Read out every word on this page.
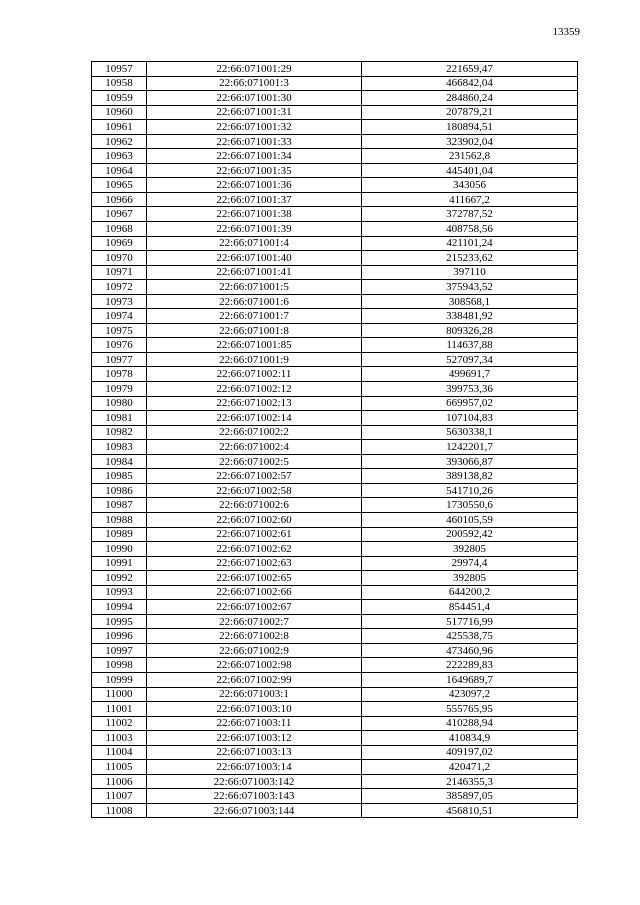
13359
10957	22:66:071001:29	221659,47
10958	22:66:071001:3	466842,04
10959	22:66:071001:30	284860,24
10960	22:66:071001:31	207879,21
10961	22:66:071001:32	180894,51
10962	22:66:071001:33	323902,04
10963	22:66:071001:34	231562,8
10964	22:66:071001:35	445401,04
10965	22:66:071001:36	343056
10966	22:66:071001:37	411667,2
10967	22:66:071001:38	372787,52
10968	22:66:071001:39	408758,56
10969	22:66:071001:4	421101,24
10970	22:66:071001:40	215233,62
10971	22:66:071001:41	397110
10972	22:66:071001:5	375943,52
10973	22:66:071001:6	308568,1
10974	22:66:071001:7	338481,92
10975	22:66:071001:8	809326,28
10976	22:66:071001:85	114637,88
10977	22:66:071001:9	527097,34
10978	22:66:071002:11	499691,7
10979	22:66:071002:12	399753,36
10980	22:66:071002:13	669957,02
10981	22:66:071002:14	107104,83
10982	22:66:071002:2	5630338,1
10983	22:66:071002:4	1242201,7
10984	22:66:071002:5	393066,87
10985	22:66:071002:57	389138,82
10986	22:66:071002:58	541710,26
10987	22:66:071002:6	1730550,6
10988	22:66:071002:60	460105,59
10989	22:66:071002:61	200592,42
10990	22:66:071002:62	392805
10991	22:66:071002:63	29974,4
10992	22:66:071002:65	392805
10993	22:66:071002:66	644200,2
10994	22:66:071002:67	854451,4
10995	22:66:071002:7	517716,99
10996	22:66:071002:8	425538,75
10997	22:66:071002:9	473460,96
10998	22:66:071002:98	222289,83
10999	22:66:071002:99	1649689,7
11000	22:66:071003:1	423097,2
11001	22:66:071003:10	555765,95
11002	22:66:071003:11	410288,94
11003	22:66:071003:12	410834,9
11004	22:66:071003:13	409197,02
11005	22:66:071003:14	420471,2
11006	22:66:071003:142	2146355,3
11007	22:66:071003:143	385897,05
11008	22:66:071003:144	456810,51
